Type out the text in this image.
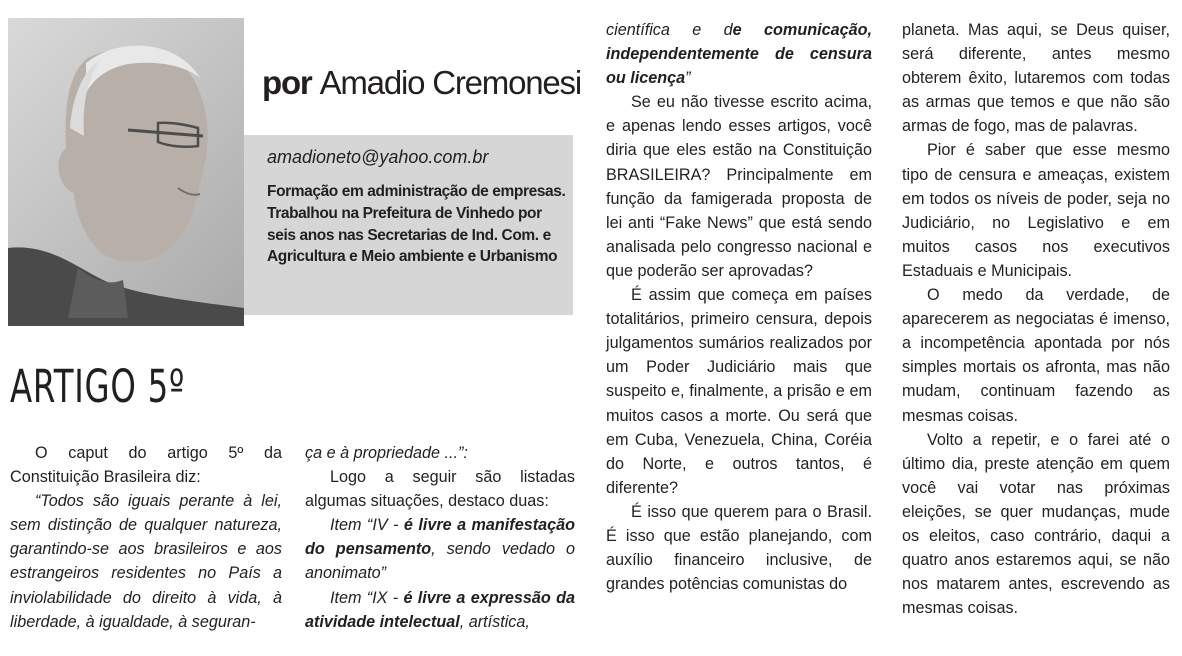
por Amadio Cremonesi
amadioneto@yahoo.com.br

Formação em administração de empresas. Trabalhou na Prefeitura de Vinhedo por seis anos nas Secretarias de Ind. Com. e Agricultura e Meio ambiente e Urbanismo

ARTIGO 5º

O caput do artigo 5º da Constituição Brasileira diz:

“Todos são iguais perante à lei, sem distinção de qualquer natureza, garantindo-se aos brasileiros e aos estrangeiros residentes no País a inviolabilidade do direito à vida, à liberdade, à igualdade, à seguran-

ça e à propriedade ...”:

Logo a seguir são listadas algumas situações, destaco duas:

Item “IV - é livre a manifestação do pensamento, sendo vedado o anonimato”

Item “IX - é livre a expressão da atividade intelectual, artística,

científica e de comunicação, independentemente de censura ou licença”

Se eu não tivesse escrito acima, e apenas lendo esses artigos, você diria que eles estão na Constituição BRASILEIRA? Principalmente em função da famigerada proposta de lei anti “Fake News” que está sendo analisada pelo congresso nacional e que poderão ser aprovadas?

É assim que começa em países totalitários, primeiro censura, depois julgamentos sumários realizados por um Poder Judiciário mais que suspeito e, finalmente, a prisão e em muitos casos a morte. Ou será que em Cuba, Venezuela, China, Coréia do Norte, e outros tantos, é diferente?

É isso que querem para o Brasil. É isso que estão planejando, com auxílio financeiro inclusive, de grandes potências comunistas do

planeta. Mas aqui, se Deus quiser, será diferente, antes mesmo obterem êxito, lutaremos com todas as armas que temos e que não são armas de fogo, mas de palavras.

Pior é saber que esse mesmo tipo de censura e ameaças, existem em todos os níveis de poder, seja no Judiciário, no Legislativo e em muitos casos nos executivos Estaduais e Municipais.

O medo da verdade, de aparecerem as negociatas é imenso, a incompetência apontada por nós simples mortais os afronta, mas não mudam, continuam fazendo as mesmas coisas.

Volto a repetir, e o farei até o último dia, preste atenção em quem você vai votar nas próximas eleições, se quer mudanças, mude os eleitos, caso contrário, daqui a quatro anos estaremos aqui, se não nos matarem antes, escrevendo as mesmas coisas.
